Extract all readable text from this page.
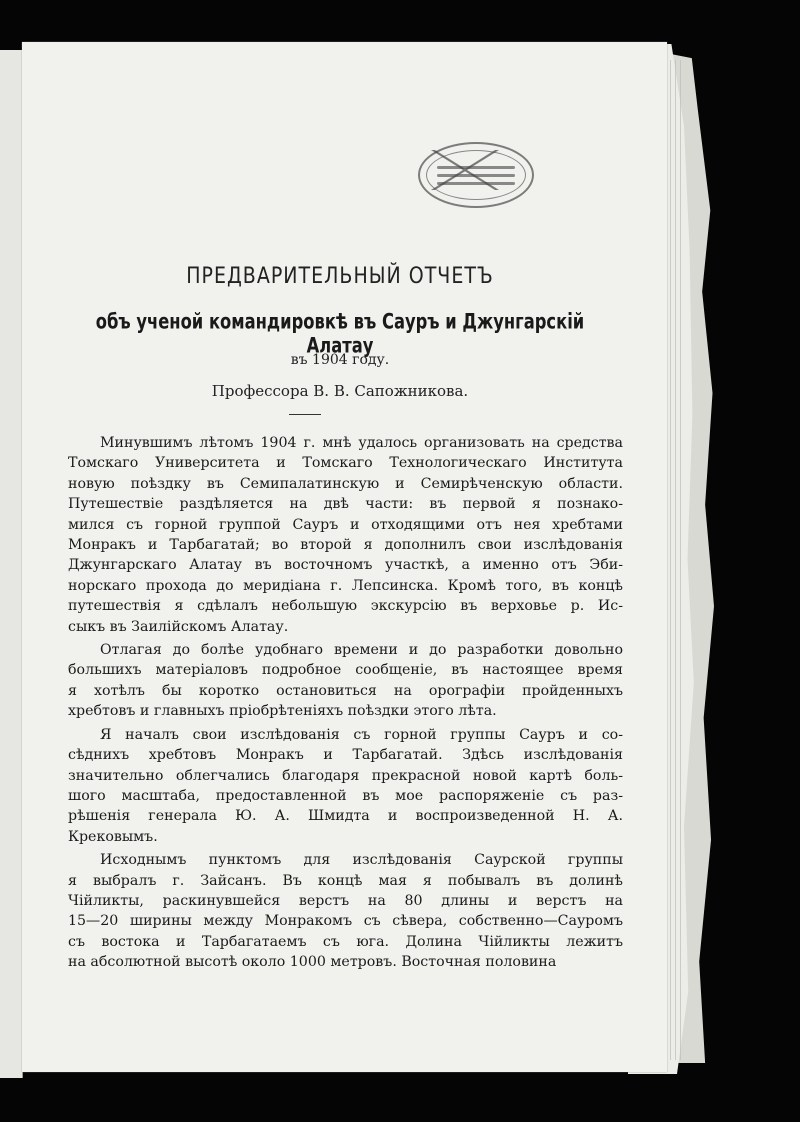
ПРЕДВАРИТЕЛЬНЫЙ ОТЧЕТЪ
объ ученой командировкѣ въ Сауръ и Джунгарскій Алатау
въ 1904 году.
Профессора В. В. Сапожникова.
Минувшимъ лѣтомъ 1904 г. мнѣ удалось организовать на средства
Томскаго Университета и Томскаго Технологическаго Института
новую поѣздку въ Семипалатинскую и Семирѣченскую области.
Путешествіе раздѣляется на двѣ части: въ первой я познако-
мился съ горной группой Сауръ и отходящими отъ нея хребтами
Монракъ и Тарбагатай; во второй я дополнилъ свои изслѣдованія
Джунгарскаго Алатау въ восточномъ участкѣ, а именно отъ Эби-
норскаго прохода до меридіана г. Лепсинска. Кромѣ того, въ концѣ
путешествія я сдѣлалъ небольшую экскурсію въ верховье р. Ис-
сыкъ въ Заилійскомъ Алатау.
Отлагая до болѣе удобнаго времени и до разработки довольно
большихъ матеріаловъ подробное сообщеніе, въ настоящее время
я хотѣлъ бы коротко остановиться на орографіи пройденныхъ
хребтовъ и главныхъ пріобрѣтеніяхъ поѣздки этого лѣта.
Я началъ свои изслѣдованія съ горной группы Сауръ и со-
сѣднихъ хребтовъ Монракъ и Тарбагатай. Здѣсь изслѣдованія
значительно облегчались благодаря прекрасной новой картѣ боль-
шого масштаба, предоставленной въ мое распоряженіе съ раз-
рѣшенія генерала Ю. А. Шмидта и воспроизведенной Н. А.
Крековымъ.
Исходнымъ пунктомъ для изслѣдованія Саурской группы
я выбралъ г. Зайсанъ. Въ концѣ мая я побывалъ въ долинѣ
Чійликты, раскинувшейся верстъ на 80 длины и верстъ на
15—20 ширины между Монракомъ съ сѣвера, собственно—Сауромъ
съ востока и Тарбагатаемъ съ юга. Долина Чійликты лежитъ
на абсолютной высотѣ около 1000 метровъ. Восточная половина
